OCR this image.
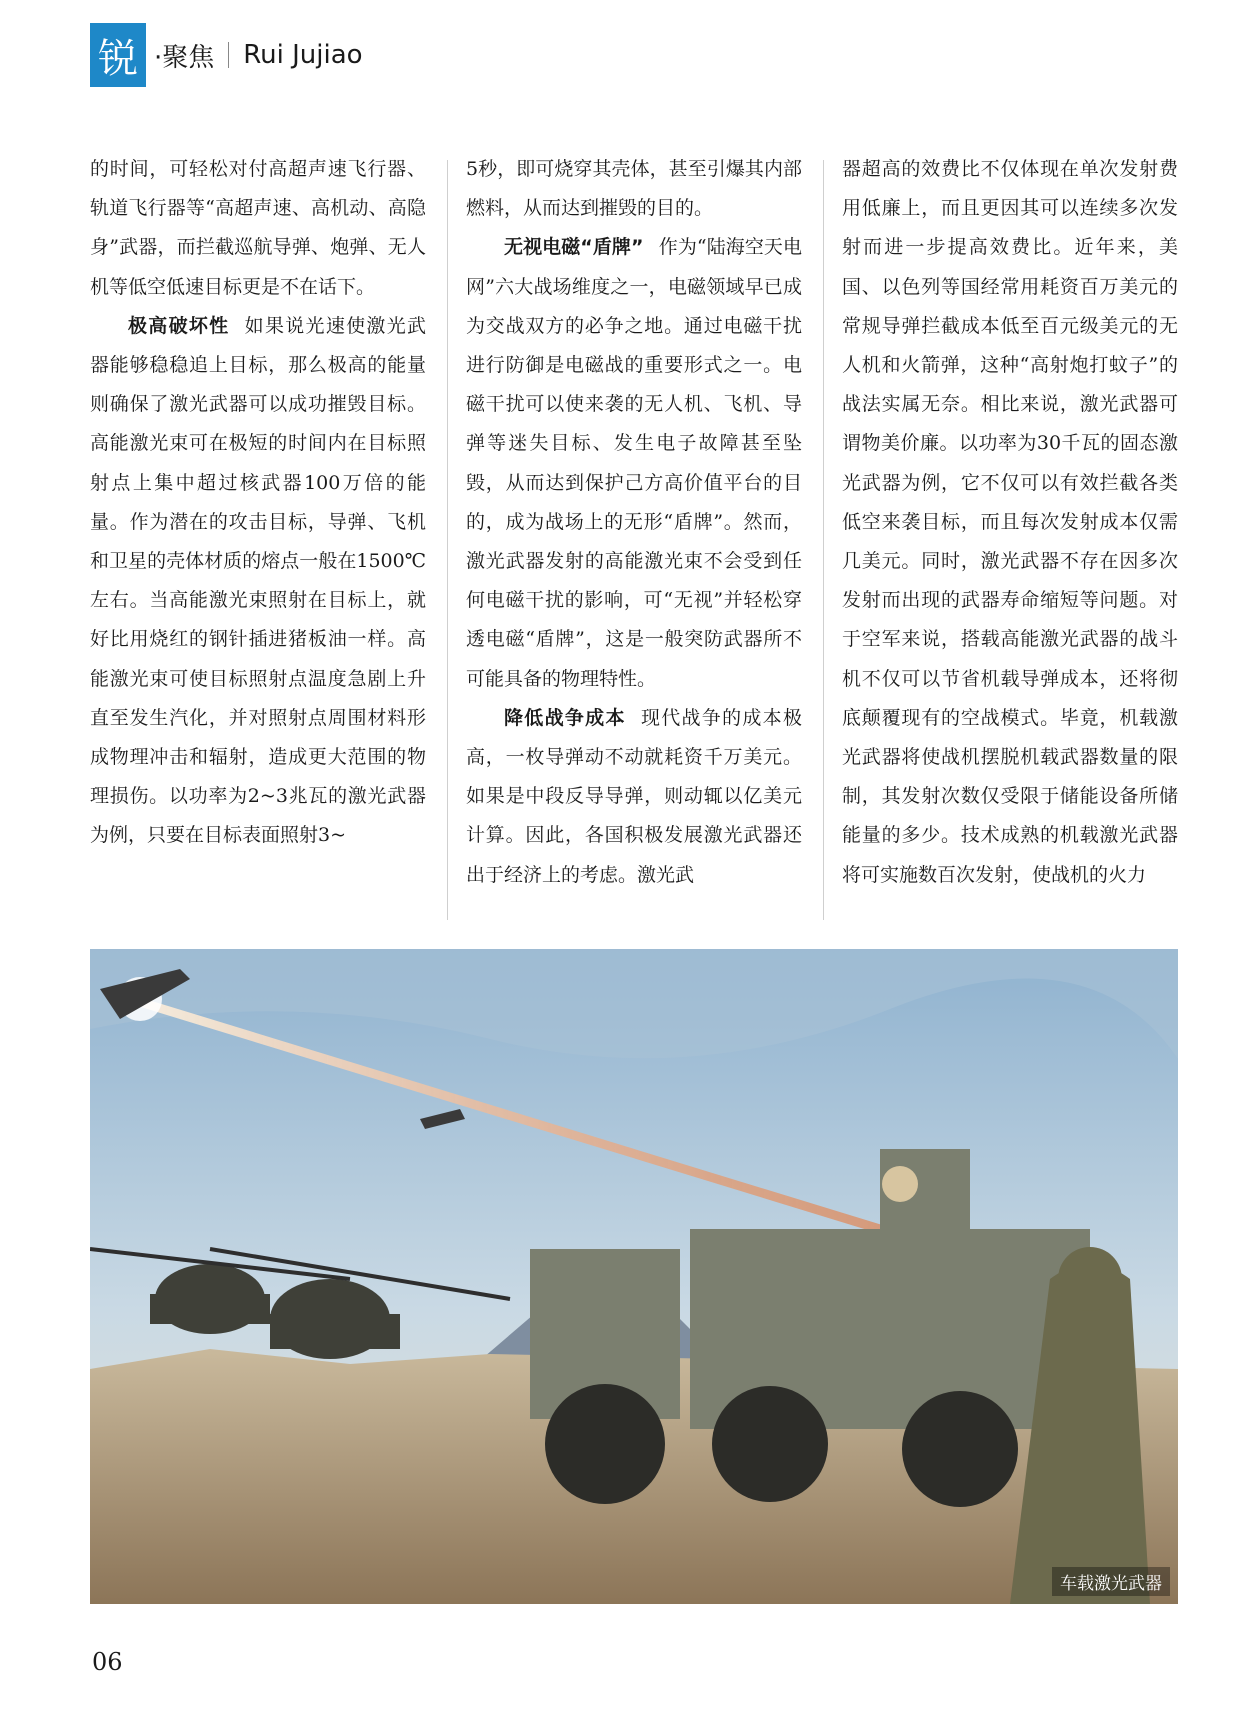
锐 ·聚焦 Rui Jujiao

的时间，可轻松对付高超声速飞行器、轨道飞行器等“高超声速、高机动、高隐身”武器，而拦截巡航导弹、炮弹、无人机等低空低速目标更是不在话下。

极高破坏性 如果说光速使激光武器能够稳稳追上目标，那么极高的能量则确保了激光武器可以成功摧毁目标。高能激光束可在极短的时间内在目标照射点上集中超过核武器100万倍的能量。作为潜在的攻击目标，导弹、飞机和卫星的壳体材质的熔点一般在1500℃左右。当高能激光束照射在目标上，就好比用烧红的钢针插进猪板油一样。高能激光束可使目标照射点温度急剧上升直至发生汽化，并对照射点周围材料形成物理冲击和辐射，造成更大范围的物理损伤。以功率为2~3兆瓦的激光武器为例，只要在目标表面照射3~

5秒，即可烧穿其壳体，甚至引爆其内部燃料，从而达到摧毁的目的。

无视电磁“盾牌” 作为“陆海空天电网”六大战场维度之一，电磁领域早已成为交战双方的必争之地。通过电磁干扰进行防御是电磁战的重要形式之一。电磁干扰可以使来袭的无人机、飞机、导弹等迷失目标、发生电子故障甚至坠毁，从而达到保护己方高价值平台的目的，成为战场上的无形“盾牌”。然而，激光武器发射的高能激光束不会受到任何电磁干扰的影响，可“无视”并轻松穿透电磁“盾牌”，这是一般突防武器所不可能具备的物理特性。

降低战争成本 现代战争的成本极高，一枚导弹动不动就耗资千万美元。如果是中段反导导弹，则动辄以亿美元计算。因此，各国积极发展激光武器还出于经济上的考虑。激光武

器超高的效费比不仅体现在单次发射费用低廉上，而且更因其可以连续多次发射而进一步提高效费比。近年来，美国、以色列等国经常用耗资百万美元的常规导弹拦截成本低至百元级美元的无人机和火箭弹，这种“高射炮打蚊子”的战法实属无奈。相比来说，激光武器可谓物美价廉。以功率为30千瓦的固态激光武器为例，它不仅可以有效拦截各类低空来袭目标，而且每次发射成本仅需几美元。同时，激光武器不存在因多次发射而出现的武器寿命缩短等问题。对于空军来说，搭载高能激光武器的战斗机不仅可以节省机载导弹成本，还将彻底颠覆现有的空战模式。毕竟，机载激光武器将使战机摆脱机载武器数量的限制，其发射次数仅受限于储能设备所储能量的多少。技术成熟的机载激光武器将可实施数百次发射，使战机的火力

车载激光武器
06
